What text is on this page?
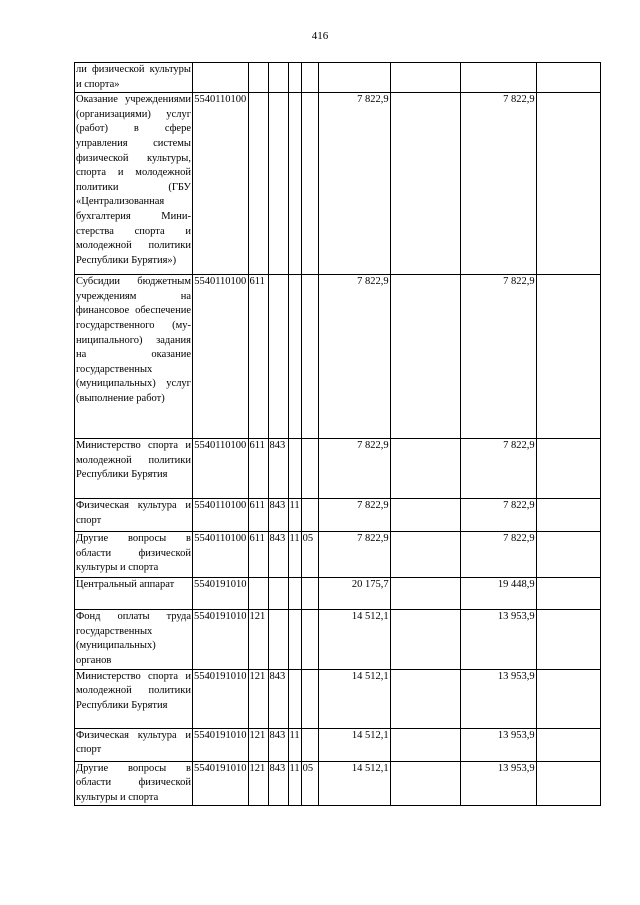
416
ли физической культуры и спорта»									
Оказание учреждениями (организациями) услуг (работ) в сфере управления системы физической культуры, спорта и молодежной политики (ГБУ «Централизованная бухгалтерия Министерства спорта и молодежной политики Республики Бурятия»)	5540110100					7 822,9		7 822,9	
Субсидии бюджетным учреждениям на финансовое обеспечение государственного (муниципального) задания на оказание государственных (муниципальных) услуг (выполнение работ)	5540110100	611				7 822,9		7 822,9	
Министерство спорта и молодежной политики Республики Бурятия	5540110100	611	843			7 822,9		7 822,9	
Физическая культура и спорт	5540110100	611	843	11		7 822,9		7 822,9	
Другие вопросы в области физической культуры и спорта	5540110100	611	843	11	05	7 822,9		7 822,9	
Центральный аппарат	5540191010					20 175,7		19 448,9	
Фонд оплаты труда государственных (муниципальных) органов	5540191010	121				14 512,1		13 953,9	
Министерство спорта и молодежной политики Республики Бурятия	5540191010	121	843			14 512,1		13 953,9	
Физическая культура и спорт	5540191010	121	843	11		14 512,1		13 953,9	
Другие вопросы в области физической культуры и спорта	5540191010	121	843	11	05	14 512,1		13 953,9	
